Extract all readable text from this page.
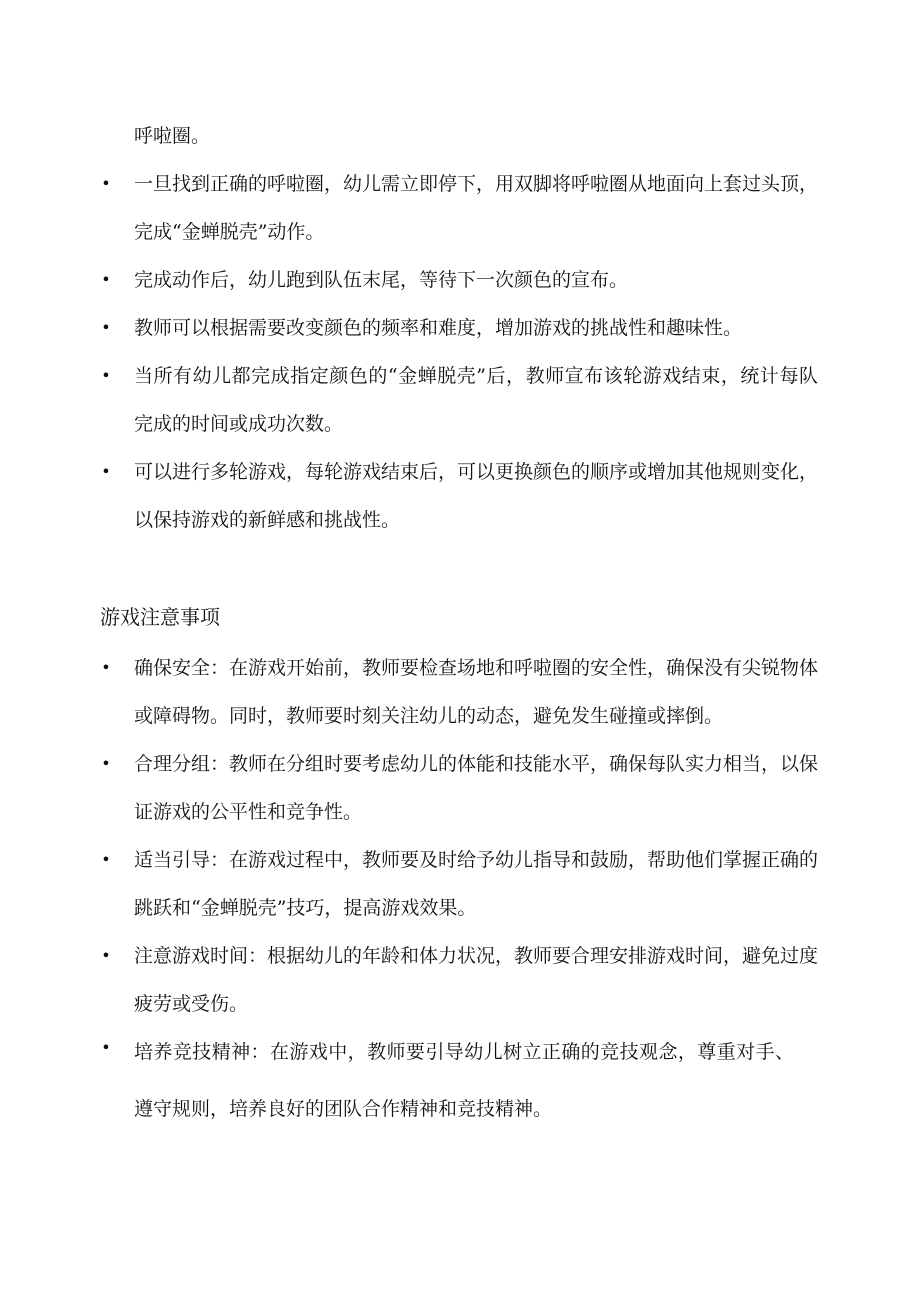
呼啦圈。
• 一旦找到正确的呼啦圈，幼儿需立即停下，用双脚将呼啦圈从地面向上套过头顶，完成“金蝉脱壳”动作。
• 完成动作后，幼儿跑到队伍末尾，等待下一次颜色的宣布。
• 教师可以根据需要改变颜色的频率和难度，增加游戏的挑战性和趣味性。
• 当所有幼儿都完成指定颜色的“金蝉脱壳”后，教师宣布该轮游戏结束，统计每队完成的时间或成功次数。
• 可以进行多轮游戏，每轮游戏结束后，可以更换颜色的顺序或增加其他规则变化，以保持游戏的新鲜感和挑战性。
游戏注意事项
• 确保安全：在游戏开始前，教师要检查场地和呼啦圈的安全性，确保没有尖锐物体或障碍物。同时，教师要时刻关注幼儿的动态，避免发生碰撞或摔倒。
• 合理分组：教师在分组时要考虑幼儿的体能和技能水平，确保每队实力相当，以保证游戏的公平性和竞争性。
• 适当引导：在游戏过程中，教师要及时给予幼儿指导和鼓励，帮助他们掌握正确的跳跃和“金蝉脱壳”技巧，提高游戏效果。
• 注意游戏时间：根据幼儿的年龄和体力状况，教师要合理安排游戏时间，避免过度疲劳或受伤。
• 培养竞技精神：在游戏中，教师要引导幼儿树立正确的竞技观念，尊重对手、遵守规则，培养良好的团队合作精神和竞技精神。
